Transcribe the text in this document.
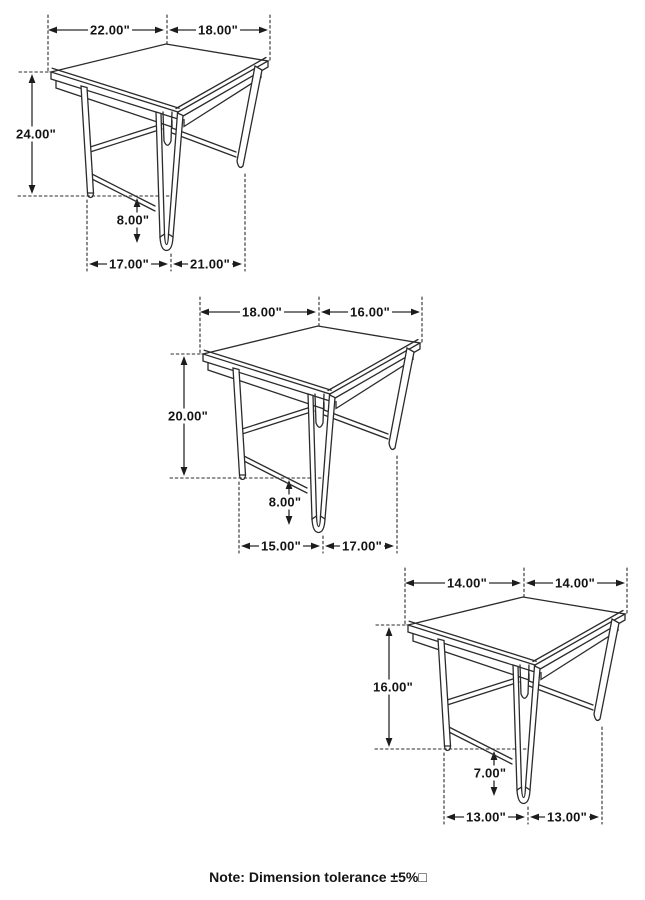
22.00"	18.00"
24.00"
8.00"
17.00"	21.00"
18.00"	16.00"
20.00"
8.00"
15.00"	17.00"
14.00"	14.00"
16.00"
7.00"
13.00"	13.00"
Note: Dimension tolerance ±5%□
